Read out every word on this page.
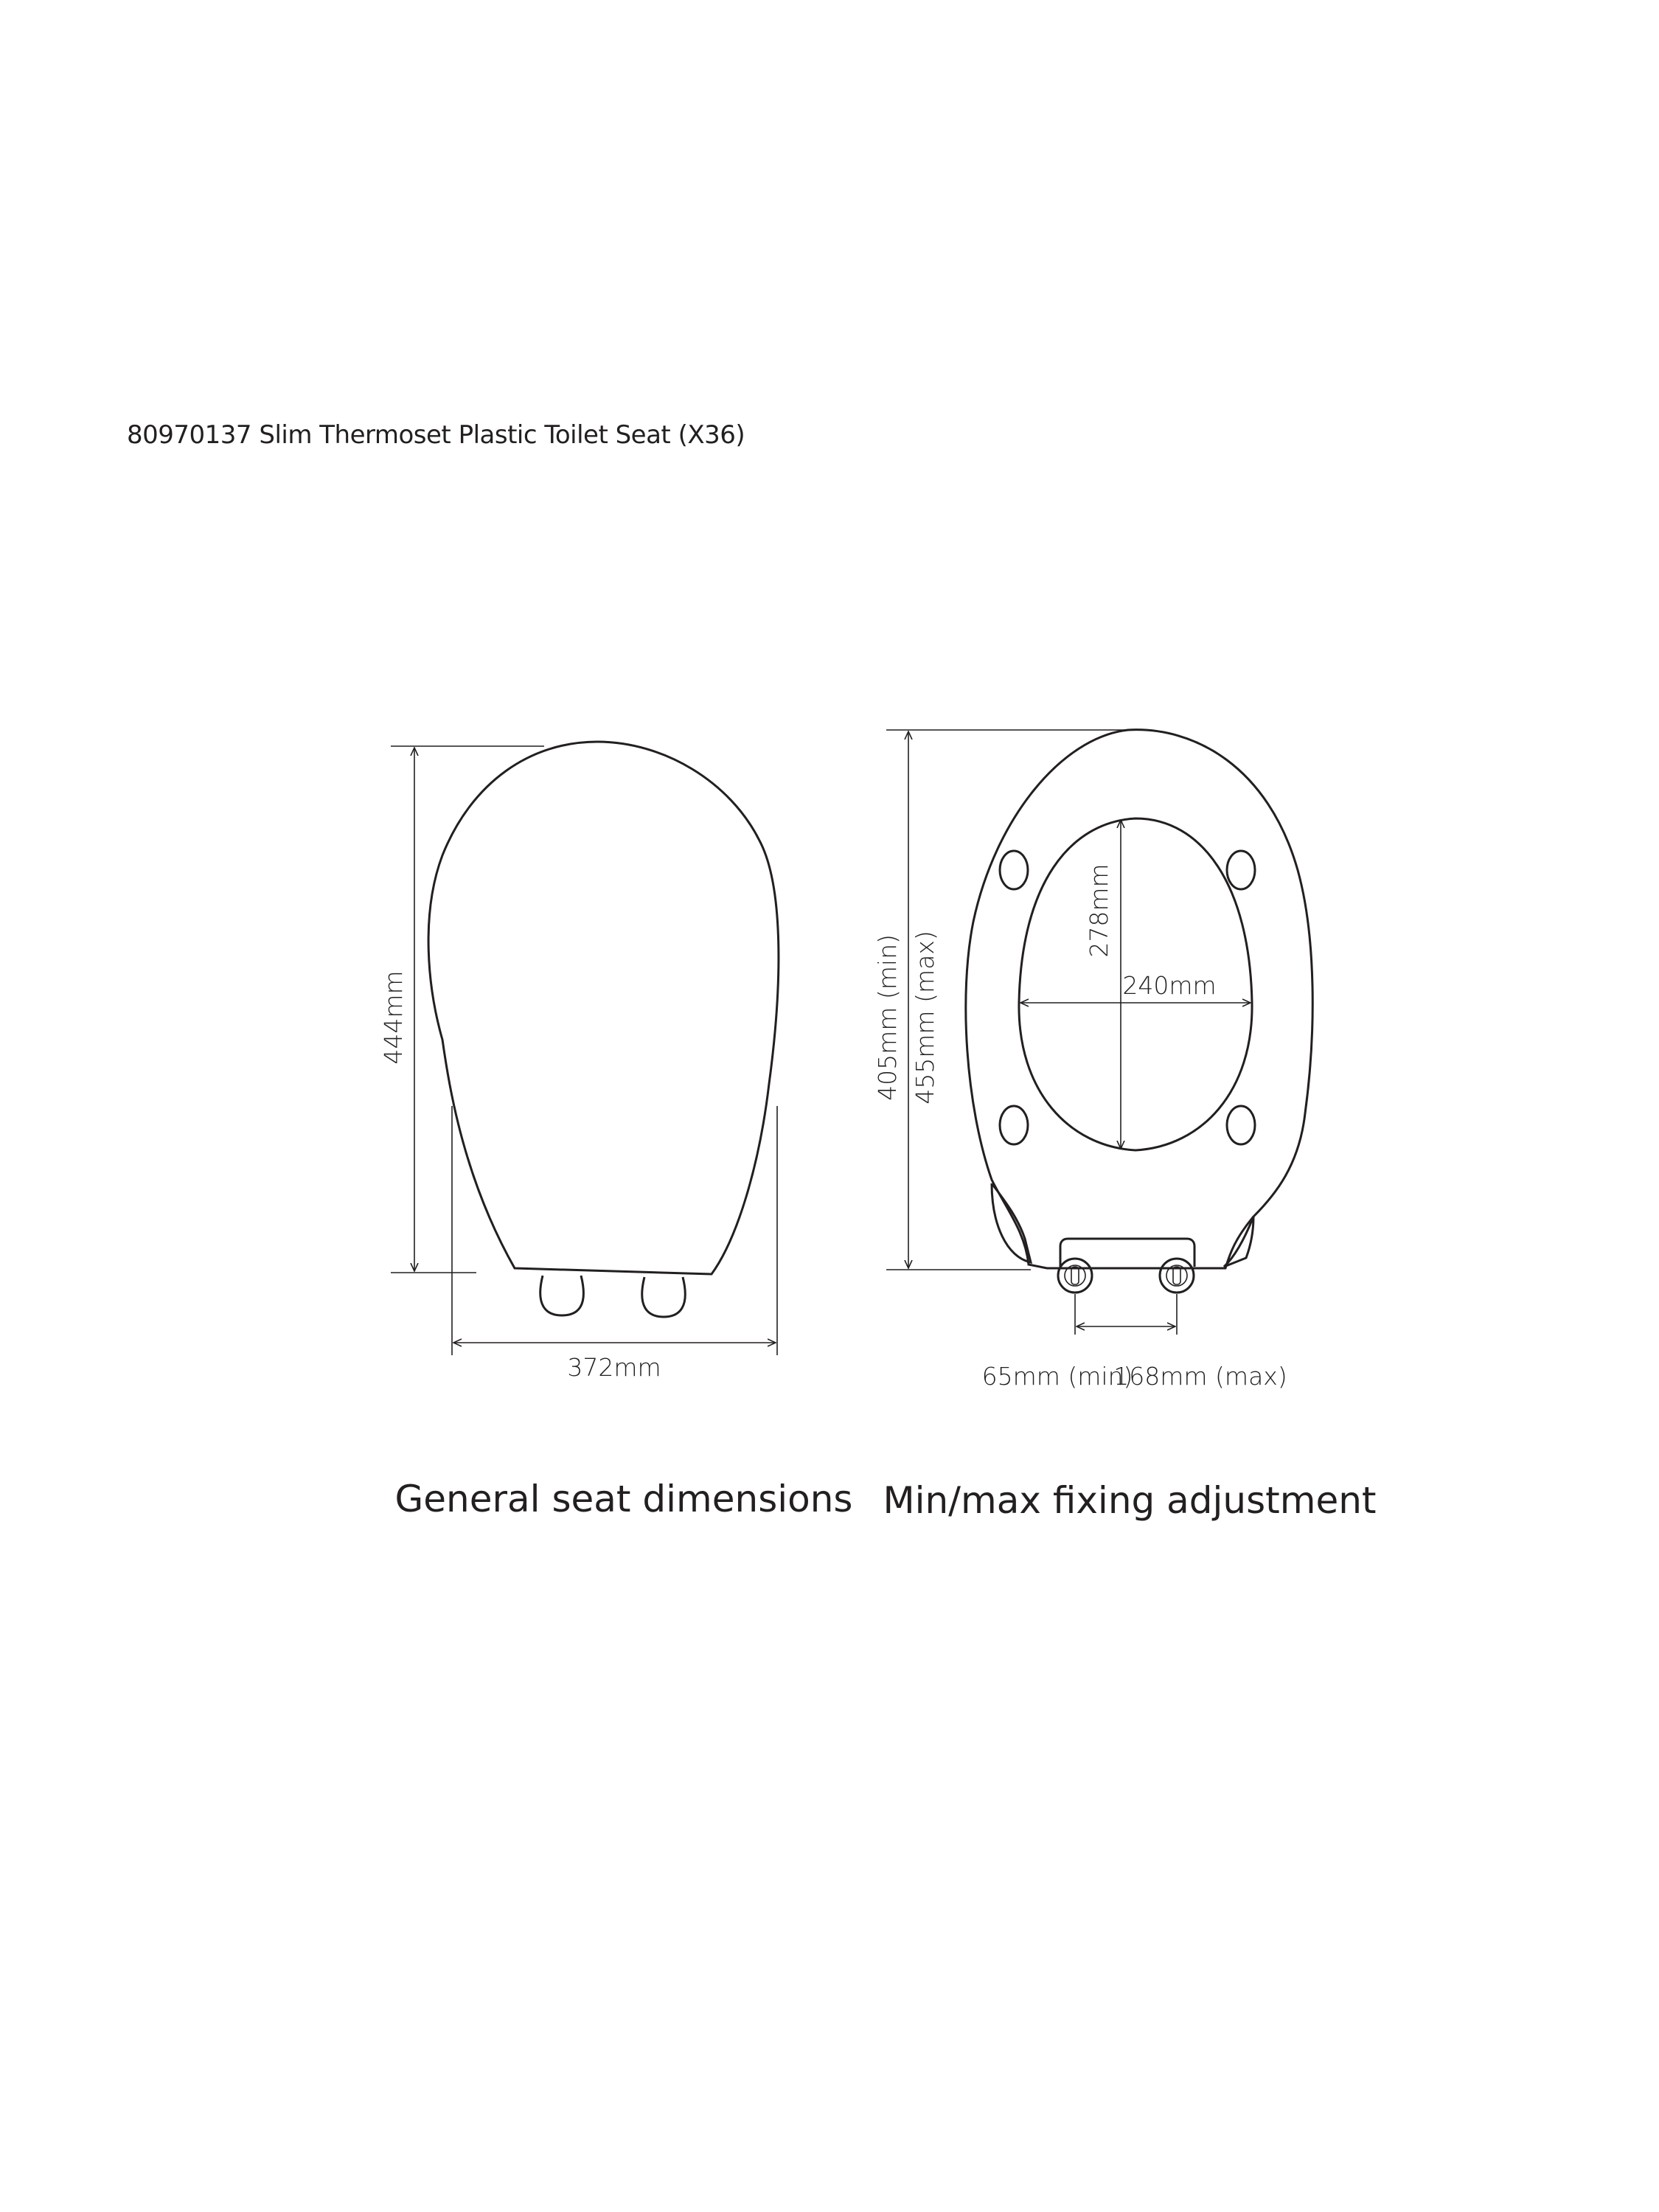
80970137 Slim Thermoset Plastic Toilet Seat (X36)
444mm
372mm
General seat dimensions
405mm (min) 455mm (max)
278mm
240mm
65mm (min)
168mm (max)
Min/max fixing adjustment
